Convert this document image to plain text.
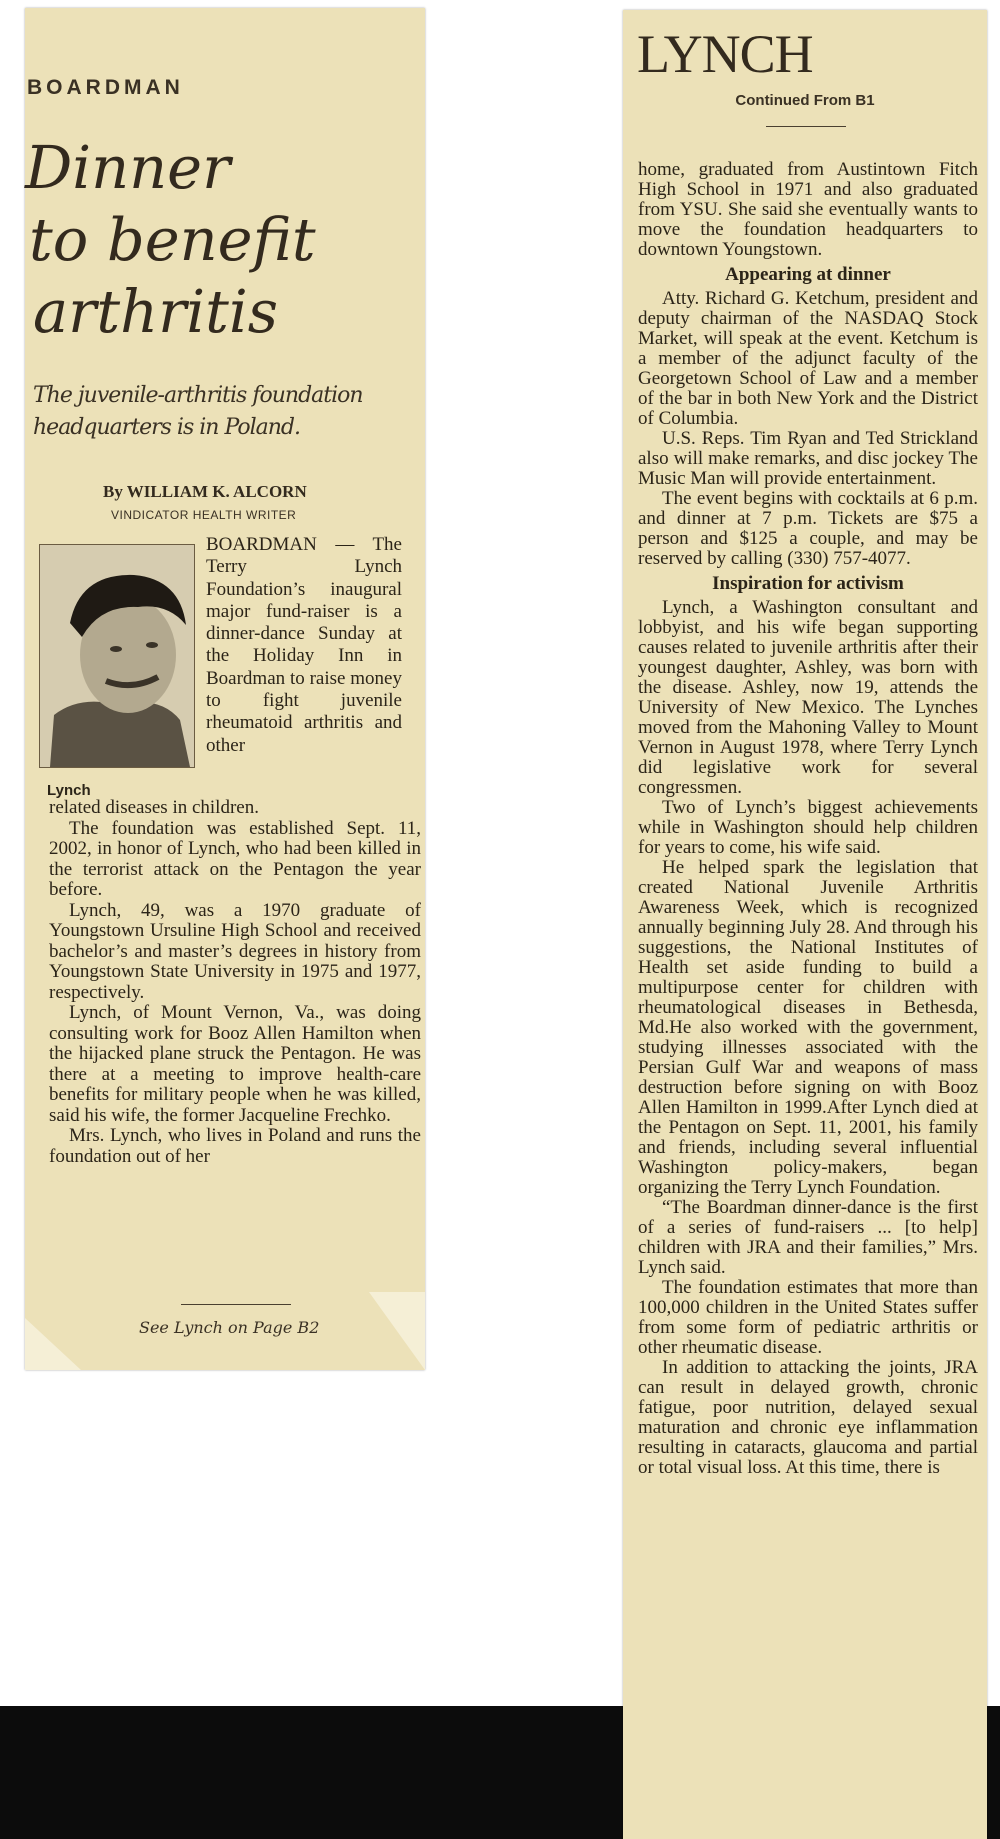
BOARDMAN
Dinner
to benefit
arthritis
The juvenile-arthritis foundation headquarters is in Poland.
By WILLIAM K. ALCORN
VINDICATOR HEALTH WRITER
Lynch

BOARDMAN — The Terry Lynch Foundation’s inaugural major fund-raiser is a dinner-dance Sunday at the Holiday Inn in Boardman to raise money to fight juvenile rheumatoid arthritis and other

related diseases in children.

The foundation was established Sept. 11, 2002, in honor of Lynch, who had been killed in the terrorist attack on the Pentagon the year before.

Lynch, 49, was a 1970 graduate of Youngstown Ursuline High School and received bachelor’s and master’s degrees in history from Youngstown State University in 1975 and 1977, respectively.

Lynch, of Mount Vernon, Va., was doing consulting work for Booz Allen Hamilton when the hijacked plane struck the Pentagon. He was there at a meeting to improve health-care benefits for military people when he was killed, said his wife, the former Jacqueline Frechko.

Mrs. Lynch, who lives in Poland and runs the foundation out of her

See Lynch on Page B2
LYNCH
Continued From B1

home, graduated from Austintown Fitch High School in 1971 and also graduated from YSU. She said she eventually wants to move the foundation headquarters to downtown Youngstown.

Appearing at dinner

Atty. Richard G. Ketchum, president and deputy chairman of the NASDAQ Stock Market, will speak at the event. Ketchum is a member of the adjunct faculty of the Georgetown School of Law and a member of the bar in both New York and the District of Columbia.

U.S. Reps. Tim Ryan and Ted Strickland also will make remarks, and disc jockey The Music Man will provide entertainment.

The event begins with cocktails at 6 p.m. and dinner at 7 p.m. Tickets are $75 a person and $125 a couple, and may be reserved by calling (330) 757-4077.

Inspiration for activism

Lynch, a Washington consultant and lobbyist, and his wife began supporting causes related to juvenile arthritis after their youngest daughter, Ashley, was born with the disease. Ashley, now 19, attends the University of New Mexico. The Lynches moved from the Mahoning Valley to Mount Vernon in August 1978, where Terry Lynch did legislative work for several congressmen.

Two of Lynch’s biggest achievements while in Washington should help children for years to come, his wife said.

He helped spark the legislation that created National Juvenile Arthritis Awareness Week, which is recognized annually beginning July 28. And through his suggestions, the National Institutes of Health set aside funding to build a multipurpose center for children with rheumatological diseases in Bethesda, Md.He also worked with the government, studying illnesses associated with the Persian Gulf War and weapons of mass destruction before signing on with Booz Allen Hamilton in 1999.After Lynch died at the Pentagon on Sept. 11, 2001, his family and friends, including several influential Washington policy-makers, began organizing the Terry Lynch Foundation.

“The Boardman dinner-dance is the first of a series of fund-raisers ... [to help] children with JRA and their families,” Mrs. Lynch said.

The foundation estimates that more than 100,000 children in the United States suffer from some form of pediatric arthritis or other rheumatic disease.

In addition to attacking the joints, JRA can result in delayed growth, chronic fatigue, poor nutrition, delayed sexual maturation and chronic eye inflammation resulting in cataracts, glaucoma and partial or total visual loss. At this time, there is
